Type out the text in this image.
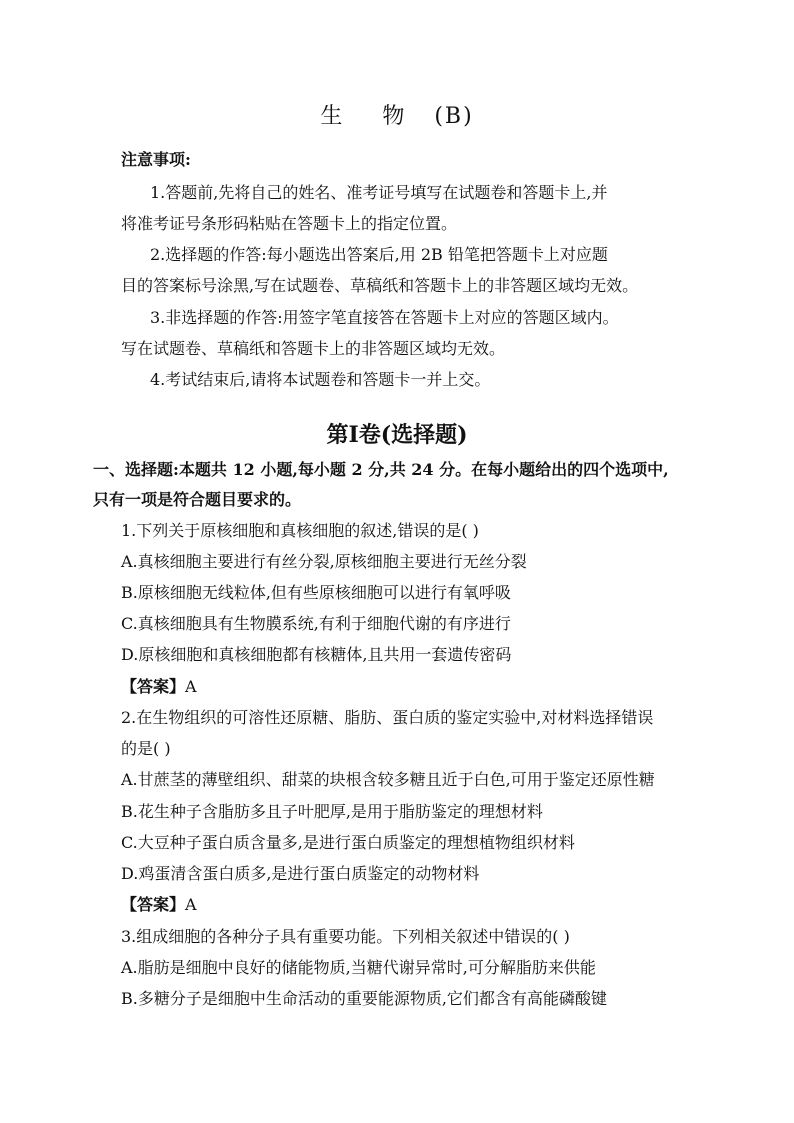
生 物 (B)
注意事项:
1.答题前,先将自己的姓名、准考证号填写在试题卷和答题卡上,并
将准考证号条形码粘贴在答题卡上的指定位置。
2.选择题的作答:每小题选出答案后,用 2B 铅笔把答题卡上对应题
目的答案标号涂黑,写在试题卷、草稿纸和答题卡上的非答题区域均无效。
3.非选择题的作答:用签字笔直接答在答题卡上对应的答题区域内。
写在试题卷、草稿纸和答题卡上的非答题区域均无效。
4.考试结束后,请将本试题卷和答题卡一并上交。
第Ⅰ卷(选择题)
一、选择题:本题共 12 小题,每小题 2 分,共 24 分。在每小题给出的四个选项中,
只有一项是符合题目要求的。
1.下列关于原核细胞和真核细胞的叙述,错误的是( )
A.真核细胞主要进行有丝分裂,原核细胞主要进行无丝分裂
B.原核细胞无线粒体,但有些原核细胞可以进行有氧呼吸
C.真核细胞具有生物膜系统,有利于细胞代谢的有序进行
D.原核细胞和真核细胞都有核糖体,且共用一套遗传密码
【答案】A
2.在生物组织的可溶性还原糖、脂肪、蛋白质的鉴定实验中,对材料选择错误
的是( )
A.甘蔗茎的薄壁组织、甜菜的块根含较多糖且近于白色,可用于鉴定还原性糖
B.花生种子含脂肪多且子叶肥厚,是用于脂肪鉴定的理想材料
C.大豆种子蛋白质含量多,是进行蛋白质鉴定的理想植物组织材料
D.鸡蛋清含蛋白质多,是进行蛋白质鉴定的动物材料
【答案】A
3.组成细胞的各种分子具有重要功能。下列相关叙述中错误的( )
A.脂肪是细胞中良好的储能物质,当糖代谢异常时,可分解脂肪来供能
B.多糖分子是细胞中生命活动的重要能源物质,它们都含有高能磷酸键
